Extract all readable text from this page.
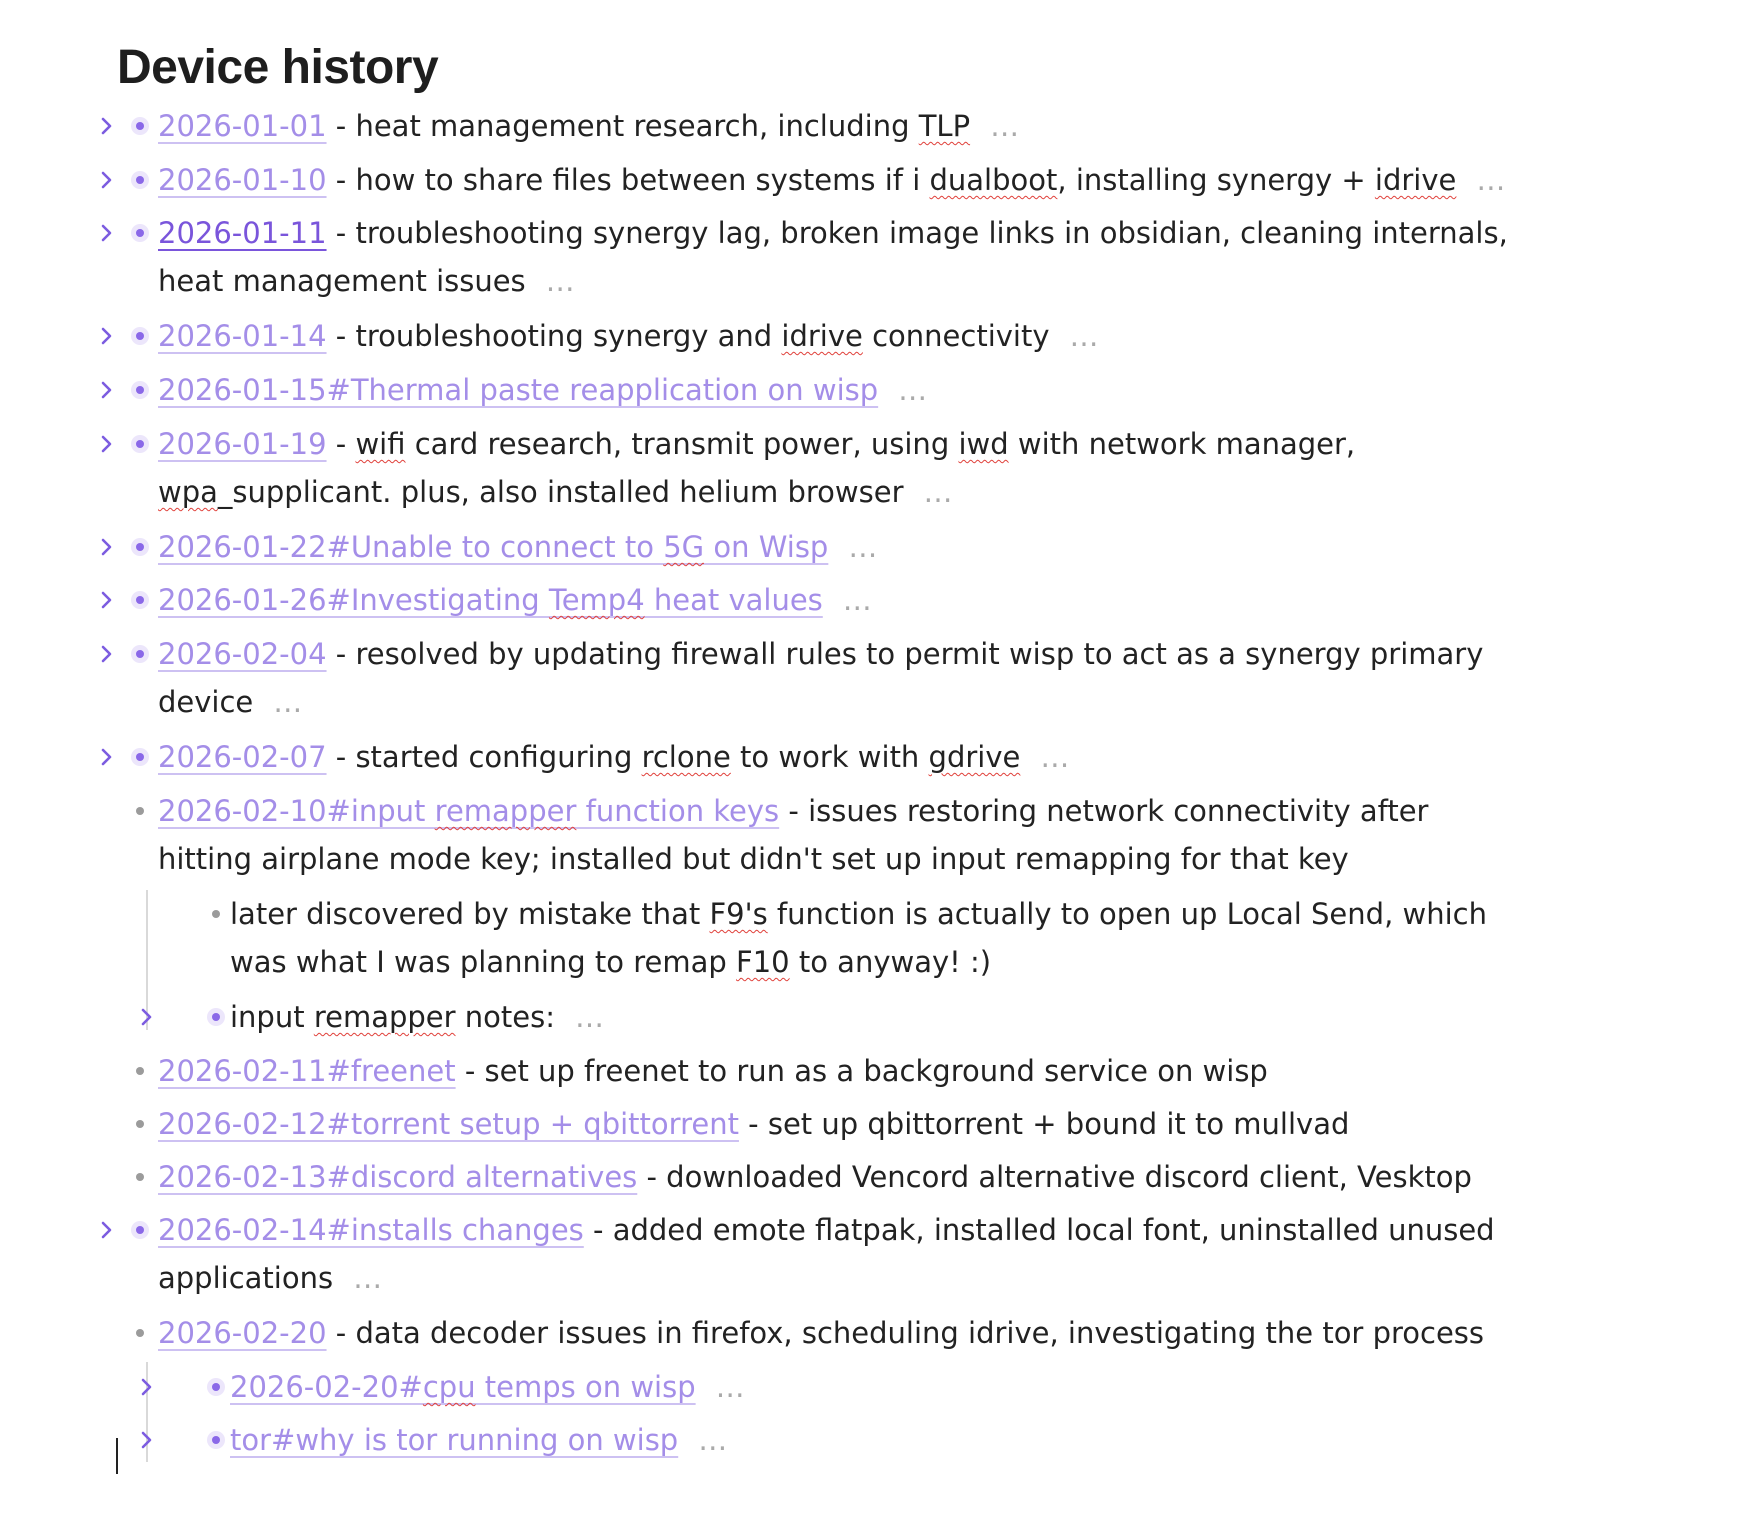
Device history
2026-01-01 - heat management research, including TLP …
2026-01-10 - how to share files between systems if i dualboot, installing synergy + idrive …
2026-01-11 - troubleshooting synergy lag, broken image links in obsidian, cleaning internals, heat management issues …
2026-01-14 - troubleshooting synergy and idrive connectivity …
2026-01-15#Thermal paste reapplication on wisp …
2026-01-19 - wifi card research, transmit power, using iwd with network manager, wpa_supplicant. plus, also installed helium browser …
2026-01-22#Unable to connect to 5G on Wisp …
2026-01-26#Investigating Temp4 heat values …
2026-02-04 - resolved by updating firewall rules to permit wisp to act as a synergy primary device …
2026-02-07 - started configuring rclone to work with gdrive …
2026-02-10#input remapper function keys - issues restoring network connectivity after hitting airplane mode key; installed but didn't set up input remapping for that key
later discovered by mistake that F9's function is actually to open up Local Send, which was what I was planning to remap F10 to anyway! :)
input remapper notes: …
2026-02-11#freenet - set up freenet to run as a background service on wisp
2026-02-12#torrent setup + qbittorrent - set up qbittorrent + bound it to mullvad
2026-02-13#discord alternatives - downloaded Vencord alternative discord client, Vesktop
2026-02-14#installs changes - added emote flatpak, installed local font, uninstalled unused applications …
2026-02-20 - data decoder issues in firefox, scheduling idrive, investigating the tor process
2026-02-20#cpu temps on wisp …
tor#why is tor running on wisp …
